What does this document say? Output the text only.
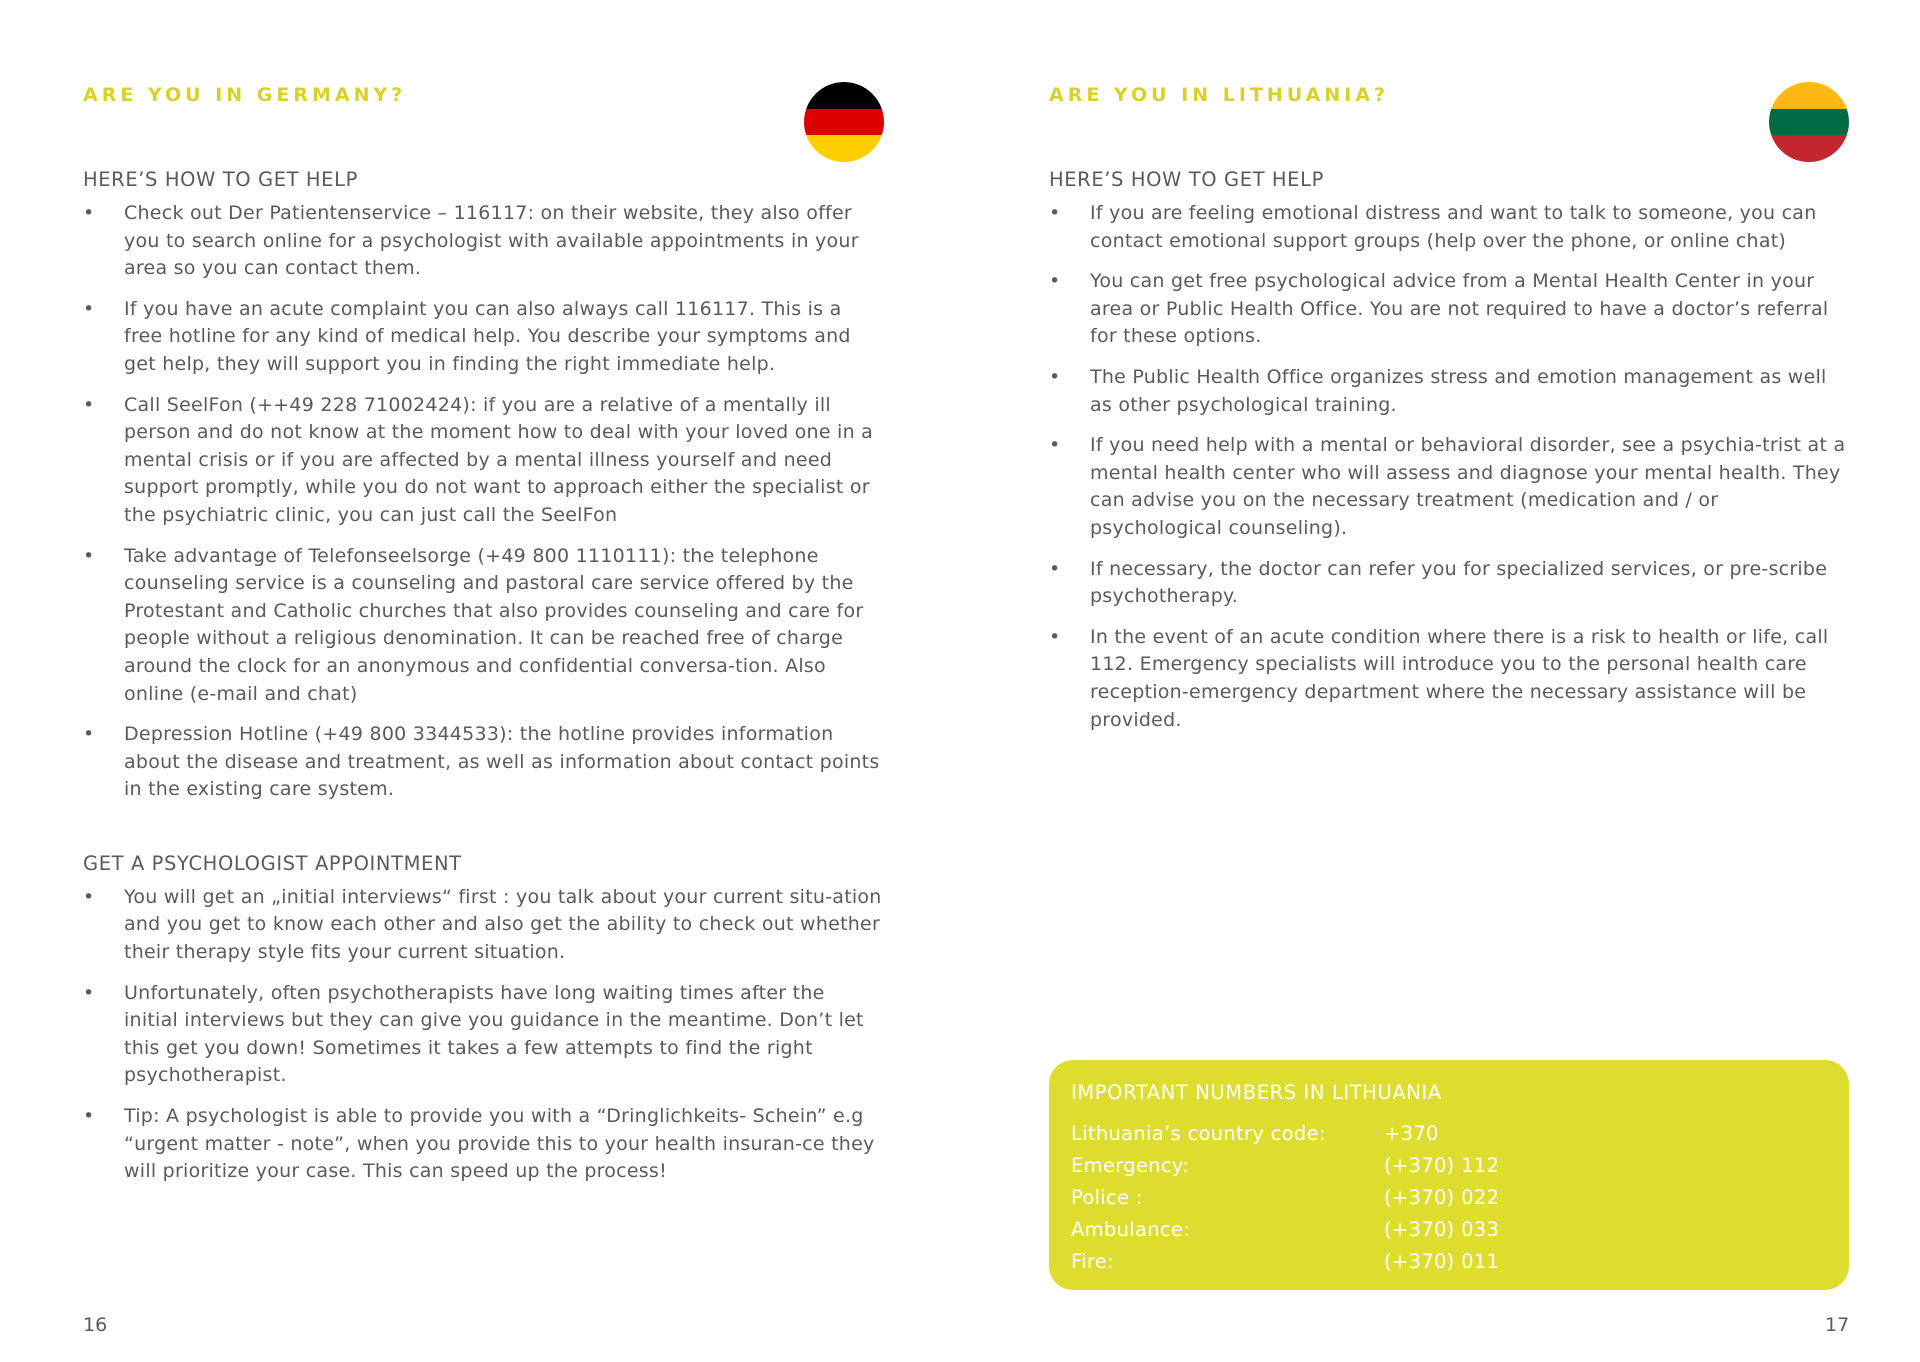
ARE YOU IN GERMANY?
HERE’S HOW TO GET HELP
•	Check out Der Patientenservice – 116117: on their website, they also offer you to search online for a psychologist with available appointments in your area so you can contact them.
•	If you have an acute complaint you can also always call 116117. This is a free hotline for any kind of medical help. You describe your symptoms and get help, they will support you in finding the right immediate help.
•	Call SeelFon (++49 228 71002424): if you are a relative of a mentally ill person and do not know at the moment how to deal with your loved one in a mental crisis or if you are affected by a mental illness yourself and need support promptly, while you do not want to approach either the specialist or the psychiatric clinic, you can just call the SeelFon
•	Take advantage of Telefonseelsorge (+49 800 1110111): the telephone counseling service is a counseling and pastoral care service offered by the Protestant and Catholic churches that also provides counseling and care for people without a religious denomination. It can be reached free of charge around the clock for an anonymous and confidential conversa-tion. Also online (e-mail and chat)
•	Depression Hotline (+49 800 3344533): the hotline provides information about the disease and treatment, as well as information about contact points in the existing care system.
GET A PSYCHOLOGIST APPOINTMENT
•	You will get an „initial interviews“ first : you talk about your current situ-ation and you get to know each other and also get the ability to check out whether their therapy style fits your current situation.
•	Unfortunately, often psychotherapists have long waiting times after the initial interviews but they can give you guidance in the meantime. Don’t let this get you down! Sometimes it takes a few attempts to find the right psychotherapist.
•	Tip: A psychologist is able to provide you with a “Dringlichkeits- Schein” e.g “urgent matter - note”, when you provide this to your health insuran-ce they will prioritize your case. This can speed up the process!
16
ARE YOU IN LITHUANIA?
HERE’S HOW TO GET HELP
•	If you are feeling emotional distress and want to talk to someone, you can contact emotional support groups (help over the phone, or online chat)
•	You can get free psychological advice from a Mental Health Center in your area or Public Health Office. You are not required to have a doctor’s referral for these options.
•	The Public Health Office organizes stress and emotion management as well as other psychological training.
•	If you need help with a mental or behavioral disorder, see a psychia-trist at a mental health center who will assess and diagnose your mental health. They can advise you on the necessary treatment (medication and / or psychological counseling).
•	If necessary, the doctor can refer you for specialized services, or pre-scribe psychotherapy.
•	In the event of an acute condition where there is a risk to health or life, call 112. Emergency specialists will introduce you to the personal health care reception-emergency department where the necessary assistance will be provided.
IMPORTANT NUMBERS IN LITHUANIA
Lithuania’s country code:	+370
Emergency:	(+370) 112
Police :	(+370) 022
Ambulance:	(+370) 033
Fire:	(+370) 011
17
